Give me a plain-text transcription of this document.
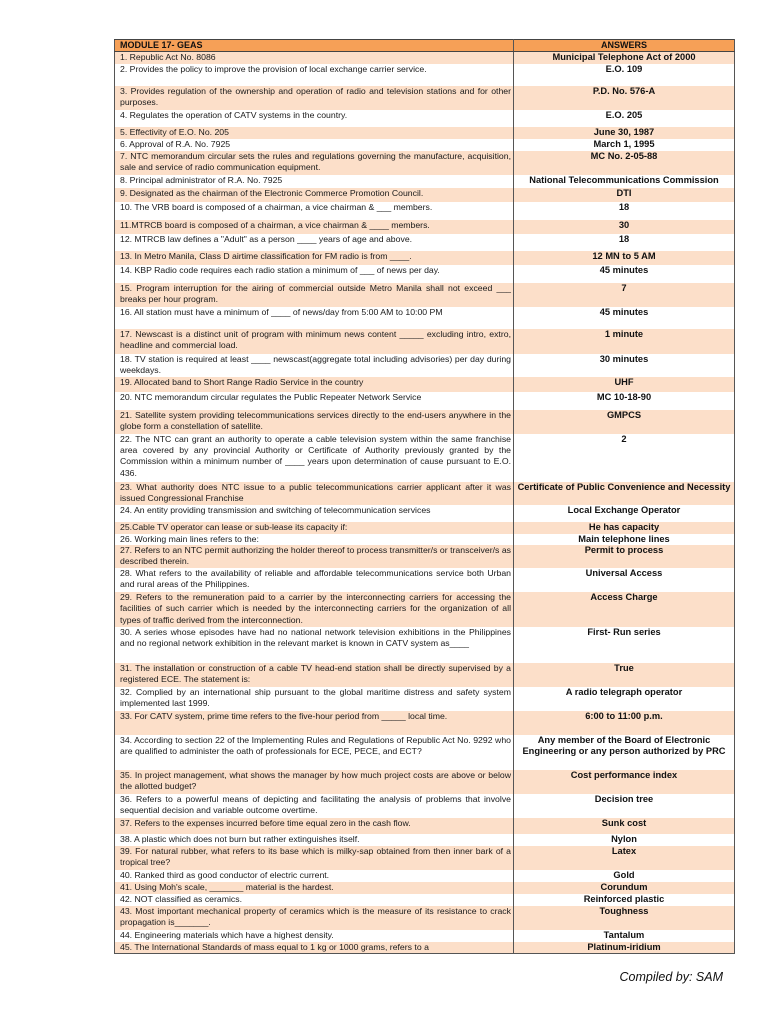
MODULE 17- GEAS	ANSWERS
1. Republic Act No. 8086	Municipal Telephone Act of 2000
2. Provides the policy to improve the provision of local exchange carrier service.	E.O. 109
3. Provides regulation of the ownership and operation of radio and television stations and for other purposes.	P.D. No. 576-A
4. Regulates the operation of CATV systems in the country.	E.O. 205
5. Effectivity of E.O. No. 205	June 30, 1987
6. Approval of R.A. No. 7925	March 1, 1995
7. NTC memorandum circular sets the rules and regulations governing the manufacture, acquisition, sale and service of radio communication equipment.	MC No. 2-05-88
8. Principal administrator of R.A. No. 7925	National Telecommunications Commission
9. Designated as the chairman of the Electronic Commerce Promotion Council.	DTI
10. The VRB board is composed of a chairman, a vice chairman & ___ members.	18
11.MTRCB board is composed of a chairman, a vice chairman & ____ members.	30
12. MTRCB law defines a "Adult" as a person ____ years of age and above.	18
13. In Metro Manila, Class D airtime classification for FM radio is from ____.	12 MN to 5 AM
14. KBP Radio code requires each radio station a minimum of ___ of news per day.	45 minutes
15. Program interruption for the airing of commercial outside Metro Manila shall not exceed ___ breaks per hour program.	7
16. All station must have a minimum of ____ of news/day from 5:00 AM to 10:00 PM	45 minutes
17. Newscast is a distinct unit of program with minimum news content _____ excluding intro, extro, headline and commercial load.	1 minute
18. TV station is required at least ____ newscast(aggregate total including advisories) per day during weekdays.	30 minutes
19. Allocated band to Short Range Radio Service in the country	UHF
20. NTC memorandum circular regulates the Public Repeater Network Service	MC 10-18-90
21. Satellite system providing telecommunications services directly to the end-users anywhere in the globe form a constellation of satellite.	GMPCS
22. The NTC can grant an authority to operate a cable television system within the same franchise area covered by any provincial Authority or Certificate of Authority previously granted by the Commission within a minimum number of ____ years upon determination of cause pursuant to E.O. 436.	2
23. What authority does NTC issue to a public telecommunications carrier applicant after it was issued Congressional Franchise	Certificate of Public Convenience and Necessity
24. An entity providing transmission and switching of telecommunication services	Local Exchange Operator
25.Cable TV operator can lease or sub-lease its capacity if:	He has capacity
26. Working main lines refers to the:	Main telephone lines
27. Refers to an NTC permit authorizing the holder thereof to process transmitter/s or transceiver/s as described therein.	Permit to process
28. What refers to the availability of reliable and affordable telecommunications service both Urban and rural areas of the Philippines.	Universal Access
29. Refers to the remuneration paid to a carrier by the interconnecting carriers for accessing the facilities of such carrier which is needed by the interconnecting carriers for the organization of all types of traffic derived from the interconnection.	Access Charge
30. A series whose episodes have had no national network television exhibitions in the Philippines and no regional network exhibition in the relevant market is known in CATV system as____	First- Run series
31. The installation or construction of a cable TV head-end station shall be directly supervised by a registered ECE. The statement is:	True
32. Complied by an international ship pursuant to the global maritime distress and safety system implemented last 1999.	A radio telegraph operator
33. For CATV system, prime time refers to the five-hour period from _____ local time.	6:00 to 11:00 p.m.
34. According to section 22 of the Implementing Rules and Regulations of Republic Act No. 9292 who are qualified to administer the oath of professionals for ECE, PECE, and ECT?	Any member of the Board of Electronic Engineering or any person authorized by PRC
35. In project management, what shows the manager by how much project costs are above or below the allotted budget?	Cost performance index
36. Refers to a powerful means of depicting and facilitating the analysis of problems that involve sequential decision and variable outcome overtime.	Decision tree
37. Refers to the expenses incurred before time equal zero in the cash flow.	Sunk cost
38. A plastic which does not burn but rather extinguishes itself.	Nylon
39. For natural rubber, what refers to its base which is milky-sap obtained from then inner bark of a tropical tree?	Latex
40. Ranked third as good conductor of electric current.	Gold
41. Using Moh's scale, _______ material is the hardest.	Corundum
42. NOT classified as ceramics.	Reinforced plastic
43. Most important mechanical property of ceramics which is the measure of its resistance to crack propagation is_______.	Toughness
44. Engineering materials which have a highest density.	Tantalum
45. The International Standards of mass equal to 1 kg or 1000 grams, refers to a	Platinum-iridium
Compiled by: SAM
